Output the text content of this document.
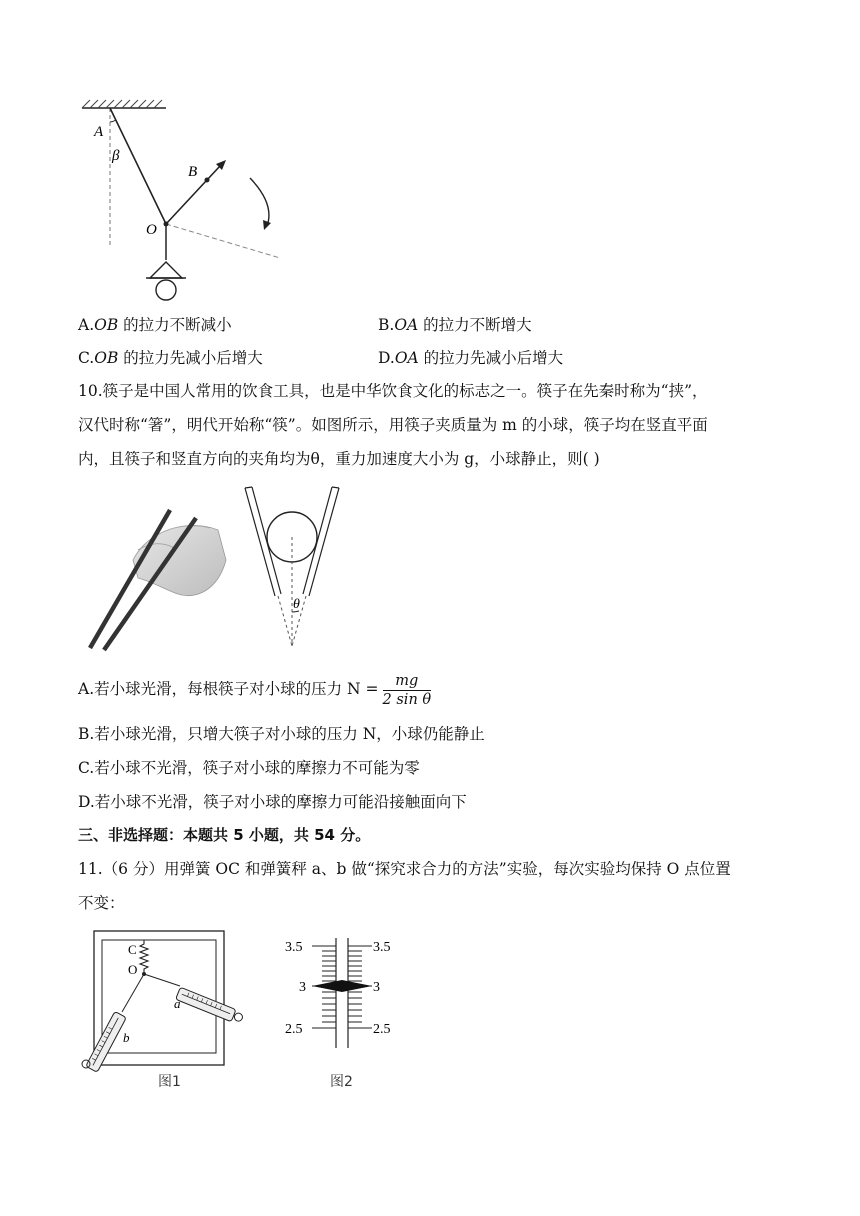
A
β
B
O
A.OB 的拉力不断减小	B.OA 的拉力不断增大
C.OB 的拉力先减小后增大	D.OA 的拉力先减小后增大
10.筷子是中国人常用的饮食工具，也是中华饮食文化的标志之一。筷子在先秦时称为“挟”，
汉代时称“箸”，明代开始称“筷”。如图所示，用筷子夹质量为 m 的小球，筷子均在竖直平面
内，且筷子和竖直方向的夹角均为θ，重力加速度大小为 g，小球静止，则( )
θ
A.若小球光滑，每根筷子对小球的压力 $N = \frac{mg}{\text{2 sin θ}}$
B.若小球光滑，只增大筷子对小球的压力 N，小球仍能静止
C.若小球不光滑，筷子对小球的摩擦力不可能为零
D.若小球不光滑，筷子对小球的摩擦力可能沿接触面向下
三、非选择题：本题共 5 小题，共 54 分。
11.（6 分）用弹簧 OC 和弹簧秤 a、b 做“探究求合力的方法”实验，每次实验均保持 O 点位置
不变：
C
O
a
b
图1
3.5	3.5
3	3
2.5	2.5
图2
